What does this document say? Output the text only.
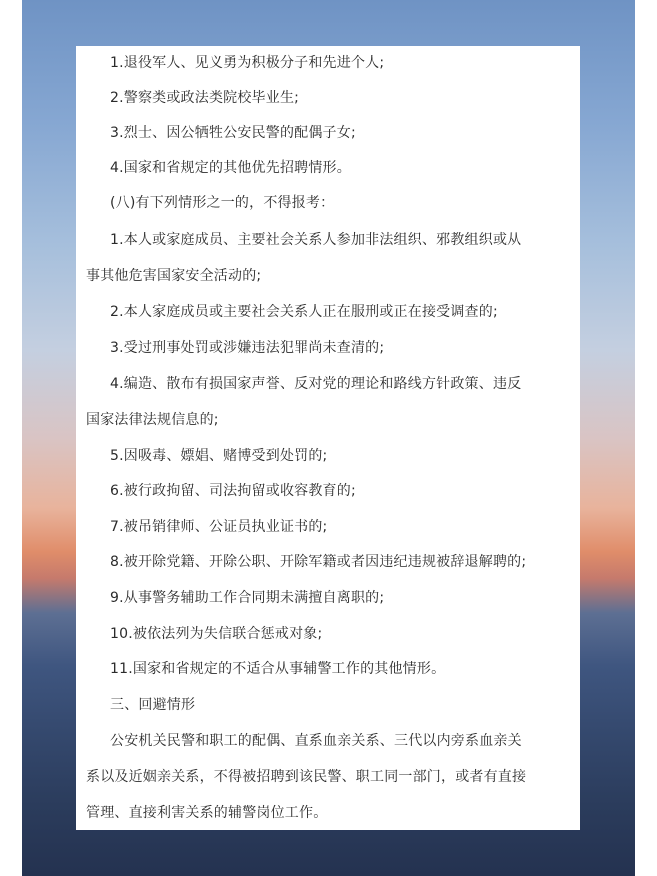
1.退役军人、见义勇为积极分子和先进个人;

2.警察类或政法类院校毕业生;

3.烈士、因公牺牲公安民警的配偶子女;

4.国家和省规定的其他优先招聘情形。

(八)有下列情形之一的，不得报考：

1.本人或家庭成员、主要社会关系人参加非法组织、邪教组织或从

事其他危害国家安全活动的;

2.本人家庭成员或主要社会关系人正在服刑或正在接受调查的;

3.受过刑事处罚或涉嫌违法犯罪尚未查清的;

4.编造、散布有损国家声誉、反对党的理论和路线方针政策、违反

国家法律法规信息的;

5.因吸毒、嫖娼、赌博受到处罚的;

6.被行政拘留、司法拘留或收容教育的;

7.被吊销律师、公证员执业证书的;

8.被开除党籍、开除公职、开除军籍或者因违纪违规被辞退解聘的;

9.从事警务辅助工作合同期未满擅自离职的;

10.被依法列为失信联合惩戒对象;

11.国家和省规定的不适合从事辅警工作的其他情形。

三、回避情形

公安机关民警和职工的配偶、直系血亲关系、三代以内旁系血亲关

系以及近姻亲关系，不得被招聘到该民警、职工同一部门，或者有直接

管理、直接利害关系的辅警岗位工作。
